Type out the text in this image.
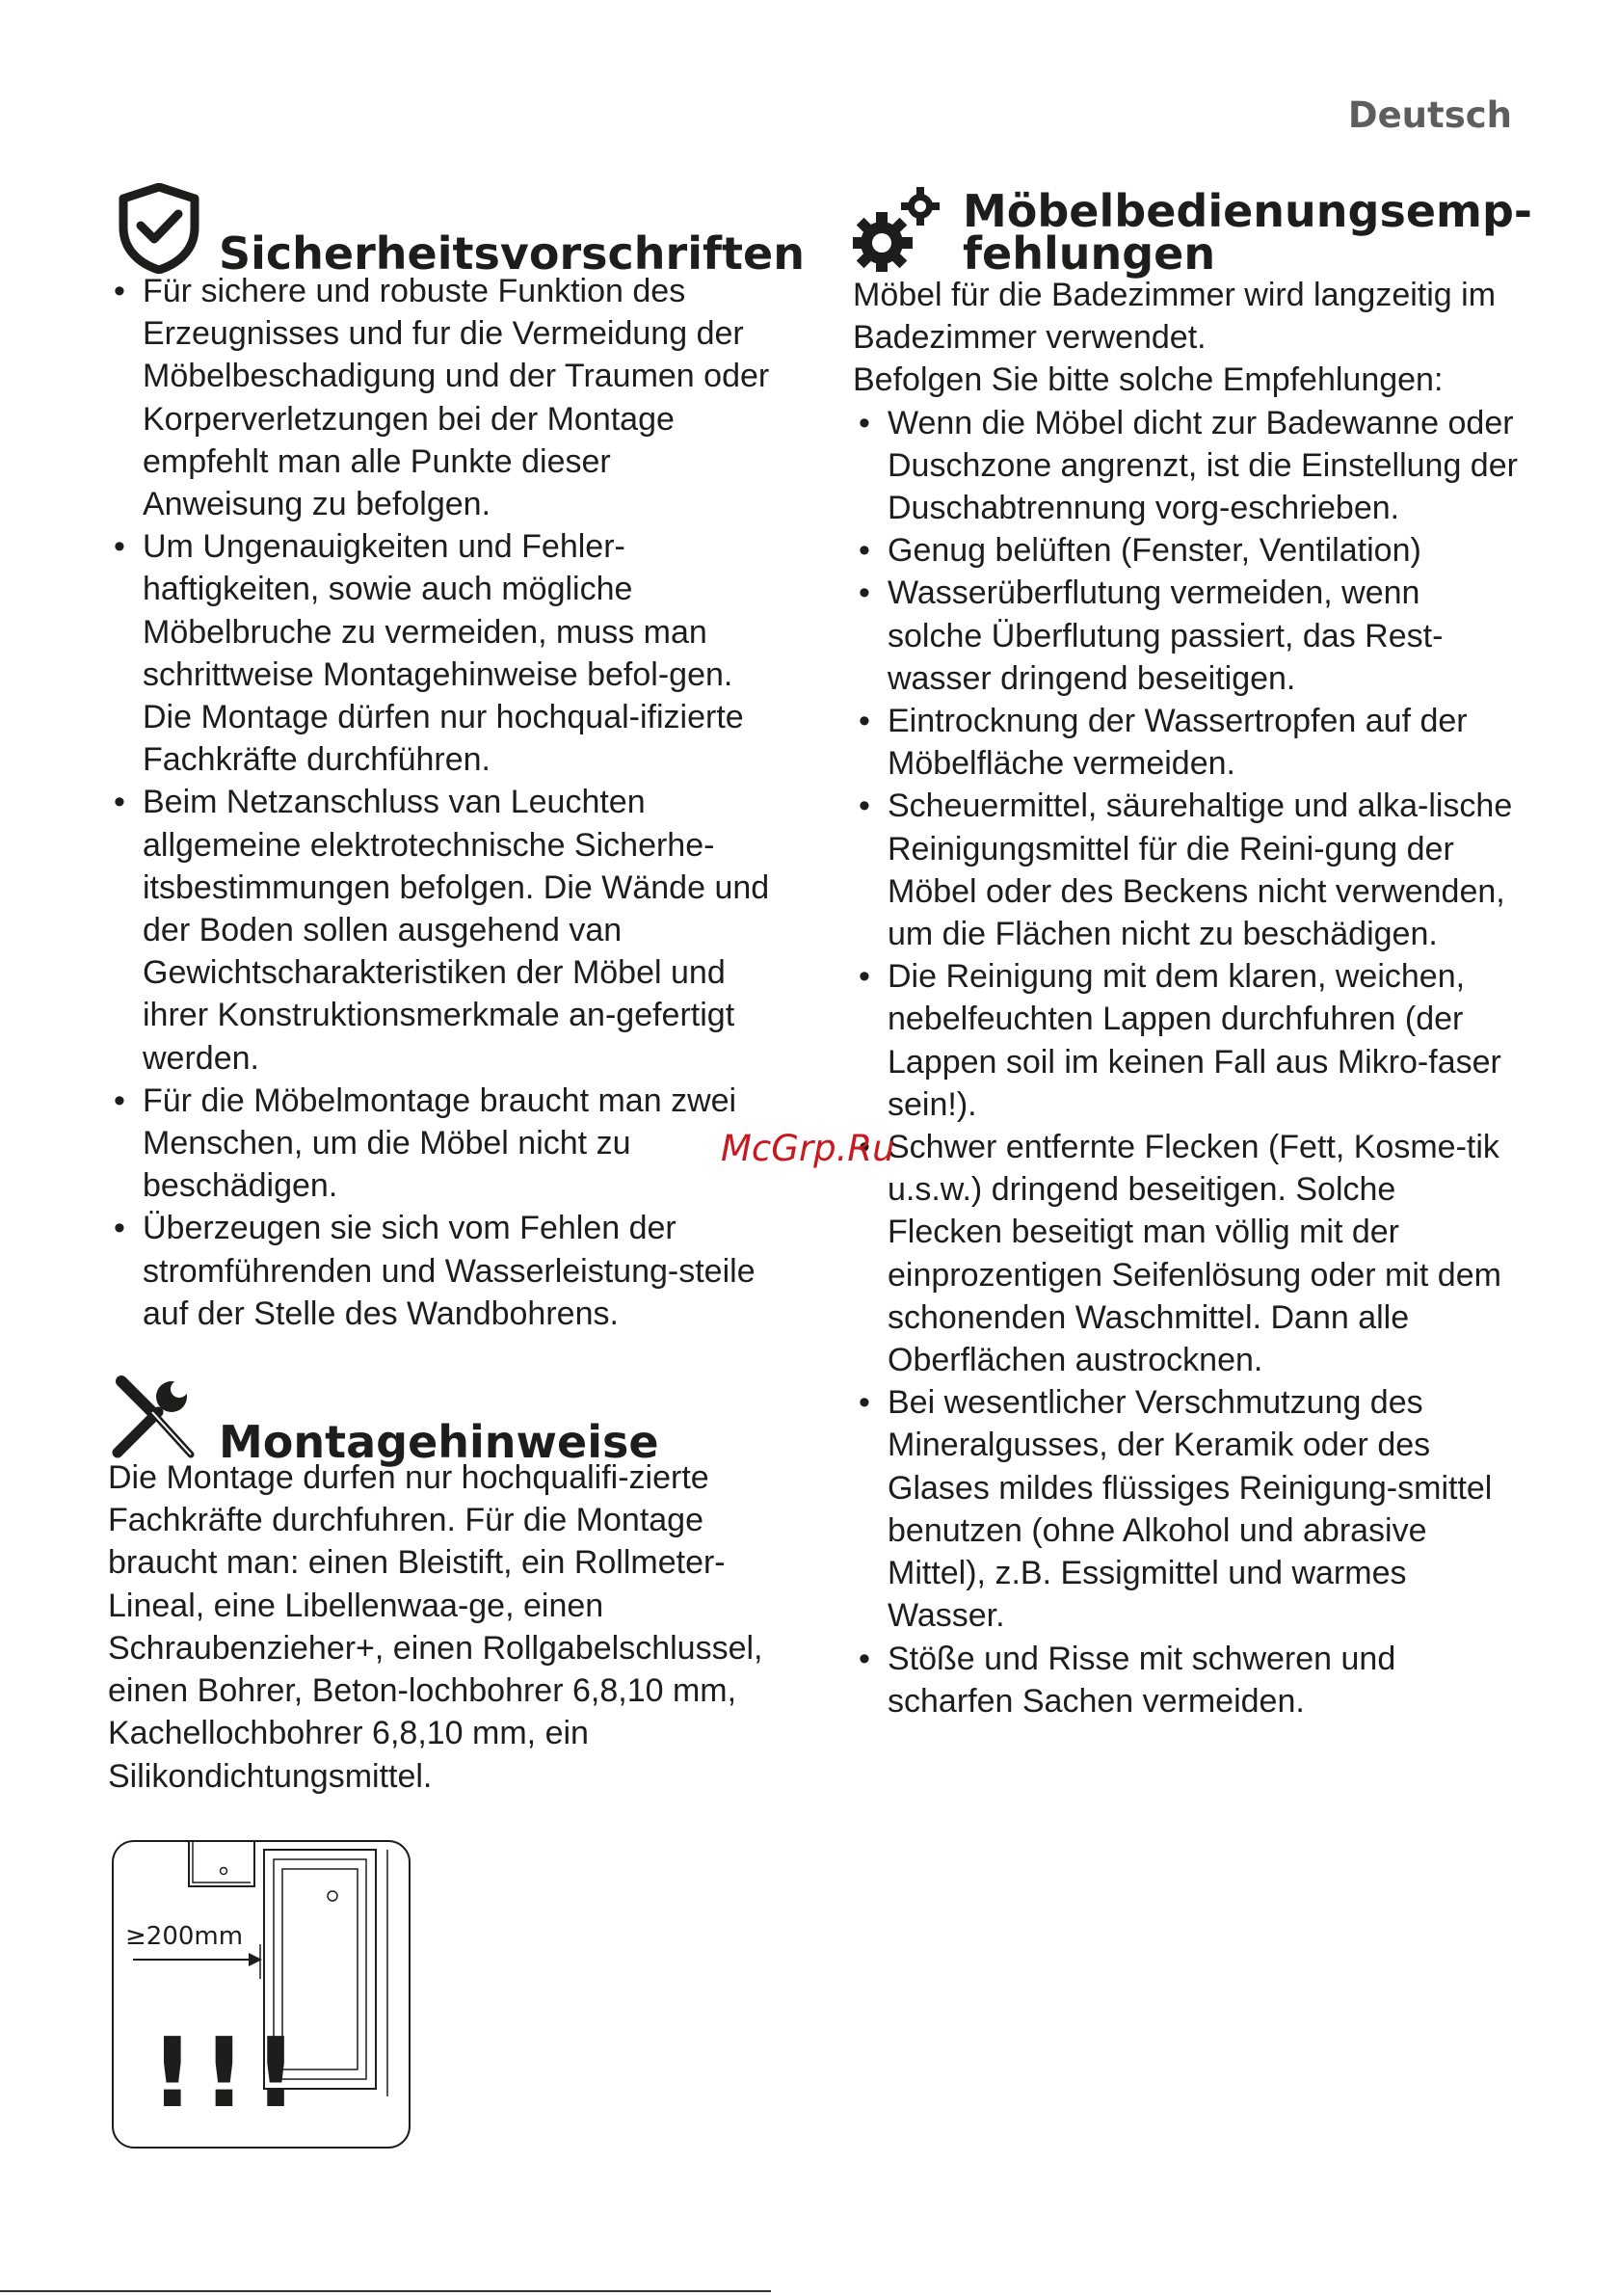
Deutsch
Sicherheitsvorschriften
• Für sichere und robuste Funktion des Erzeugnisses und fur die Vermeidung der Möbelbeschadigung und der Traumen oder Korperverletzungen bei der Montage empfehlt man alle Punkte dieser Anweisung zu befolgen.
• Um Ungenauigkeiten und Fehler-haftigkeiten, sowie auch mögliche Möbelbruche zu vermeiden, muss man schrittweise Montagehinweise befol-gen. Die Montage dürfen nur hochqual-ifizierte Fachkräfte durchführen.
• Beim Netzanschluss van Leuchten allgemeine elektrotechnische Sicherhe-itsbestimmungen befolgen. Die Wände und der Boden sollen ausgehend van Gewichtscharakteristiken der Möbel und ihrer Konstruktionsmerkmale an-gefertigt werden.
• Für die Möbelmontage braucht man zwei Menschen, um die Möbel nicht zu beschädigen.
• Überzeugen sie sich vom Fehlen der stromführenden und Wasserleistung-steile auf der Stelle des Wandbohrens.
Montagehinweise

Die Montage durfen nur hochqualifi-zierte Fachkräfte durchfuhren. Für die Montage braucht man: einen Bleistift, ein Rollmeter-Lineal, eine Libellenwaa-ge, einen Schraubenzieher+, einen Rollgabelschlussel, einen Bohrer, Beton-lochbohrer 6,8,10 mm, Kachellochbohrer 6,8,10 mm, ein Silikondichtungsmittel.

Möbelbedienungsemp-
fehlungen

Möbel für die Badezimmer wird langzeitig im Badezimmer verwendet.

Befolgen Sie bitte solche Empfehlungen:

• Wenn die Möbel dicht zur Badewanne oder Duschzone angrenzt, ist die Einstellung der Duschabtrennung vorg-eschrieben.
• Genug belüften (Fenster, Ventilation)
• Wasserüberflutung vermeiden, wenn solche Überflutung passiert, das Rest-wasser dringend beseitigen.
• Eintrocknung der Wassertropfen auf der Möbelfläche vermeiden.
• Scheuermittel, säurehaltige und alka-lische Reinigungsmittel für die Reini-gung der Möbel oder des Beckens nicht verwenden, um die Flächen nicht zu beschädigen.
• Die Reinigung mit dem klaren, weichen, nebelfeuchten Lappen durchfuhren (der Lappen soil im keinen Fall aus Mikro-faser sein!).
• Schwer entfernte Flecken (Fett, Kosme-tik u.s.w.) dringend beseitigen. Solche Flecken beseitigt man völlig mit der einprozentigen Seifenlösung oder mit dem schonenden Waschmittel. Dann alle Oberflächen austrocknen.
• Bei wesentlicher Verschmutzung des Mineralgusses, der Keramik oder des Glases mildes flüssiges Reinigung-smittel benutzen (ohne Alkohol und abrasive Mittel), z.B. Essigmittel und warmes Wasser.
• Stöße und Risse mit schweren und scharfen Sachen vermeiden.
McGrp.Ru
≥200mm
!!!
